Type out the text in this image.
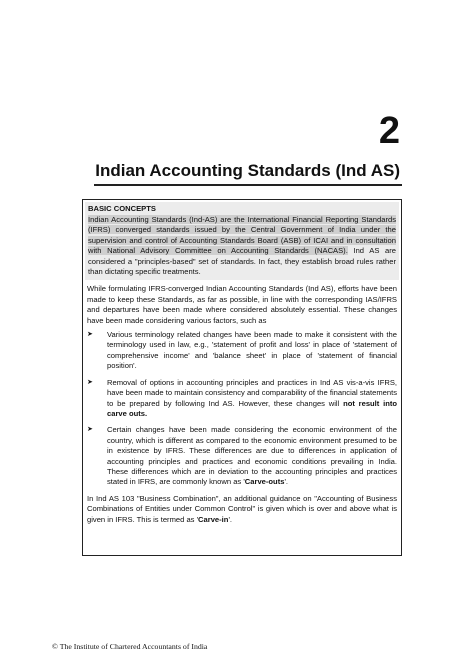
2
Indian Accounting Standards (Ind AS)
BASIC CONCEPTS
Indian Accounting Standards (Ind-AS) are the International Financial Reporting Standards (IFRS) converged standards issued by the Central Government of India under the supervision and control of Accounting Standards Board (ASB) of ICAI and in consultation with National Advisory Committee on Accounting Standards (NACAS). Ind AS are considered a "principles-based" set of standards. In fact, they establish broad rules rather than dictating specific treatments.
While formulating IFRS-converged Indian Accounting Standards (Ind AS), efforts have been made to keep these Standards, as far as possible, in line with the corresponding IAS/IFRS and departures have been made where considered absolutely essential. These changes have been made considering various factors, such as
➤	Various terminology related changes have been made to make it consistent with the terminology used in law, e.g., 'statement of profit and loss' in place of 'statement of comprehensive income' and 'balance sheet' in place of 'statement of financial position'.
➤	Removal of options in accounting principles and practices in Ind AS vis-a-vis IFRS, have been made to maintain consistency and comparability of the financial statements to be prepared by following Ind AS. However, these changes will not result into carve outs.
➤	Certain changes have been made considering the economic environment of the country, which is different as compared to the economic environment presumed to be in existence by IFRS. These differences are due to differences in application of accounting principles and practices and economic conditions prevailing in India. These differences which are in deviation to the accounting principles and practices stated in IFRS, are commonly known as 'Carve-outs'.
In Ind AS 103 "Business Combination", an additional guidance on "Accounting of Business Combinations of Entities under Common Control" is given which is over and above what is given in IFRS. This is termed as 'Carve-in'.
© The Institute of Chartered Accountants of India
